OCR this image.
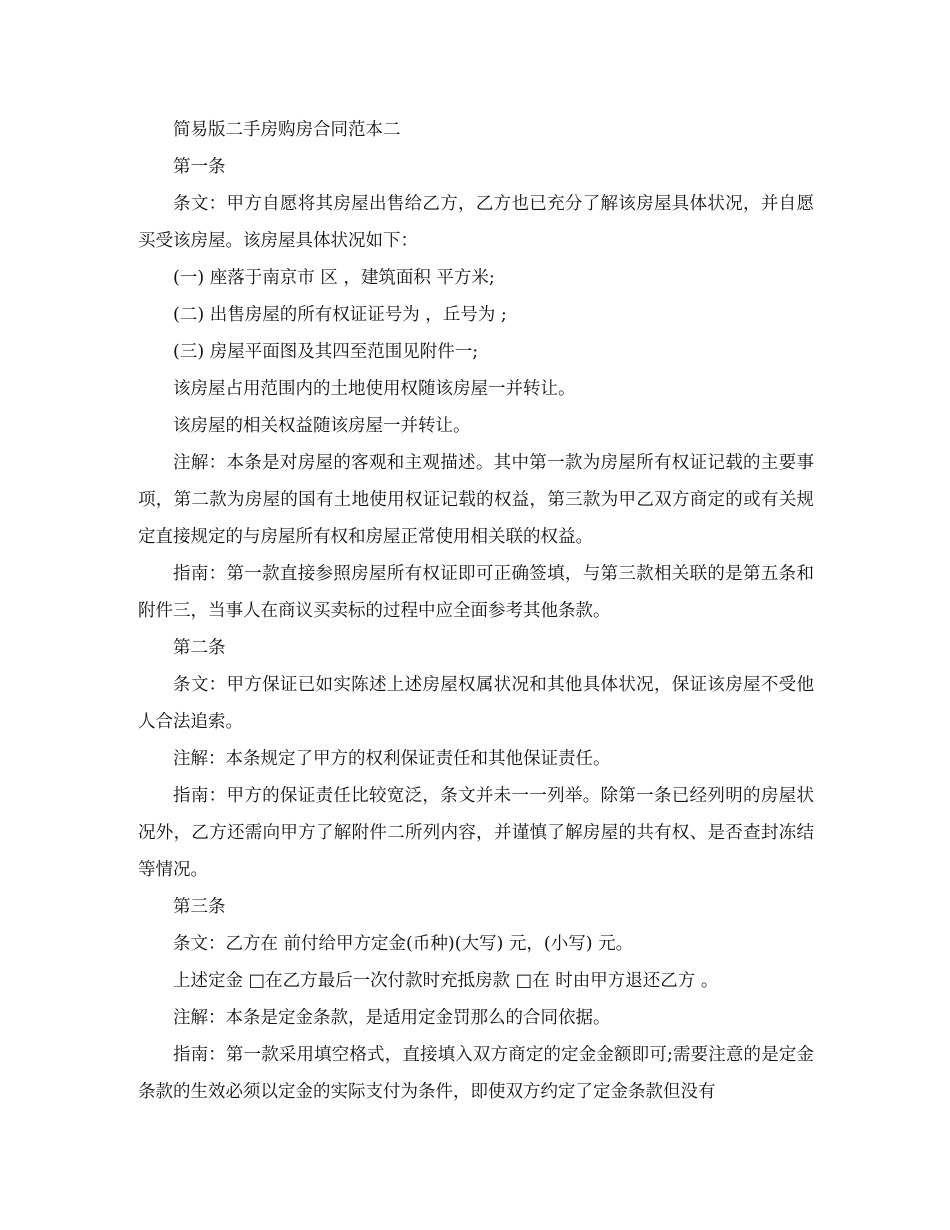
简易版二手房购房合同范本二

第一条

条文：甲方自愿将其房屋出售给乙方，乙方也已充分了解该房屋具体状况，并自愿买受该房屋。该房屋具体状况如下：

(一) 座落于南京市 区 ，建筑面积 平方米;

(二) 出售房屋的所有权证证号为 ，丘号为 ;

(三) 房屋平面图及其四至范围见附件一;

该房屋占用范围内的土地使用权随该房屋一并转让。

该房屋的相关权益随该房屋一并转让。

注解：本条是对房屋的客观和主观描述。其中第一款为房屋所有权证记载的主要事项，第二款为房屋的国有土地使用权证记载的权益，第三款为甲乙双方商定的或有关规定直接规定的与房屋所有权和房屋正常使用相关联的权益。

指南：第一款直接参照房屋所有权证即可正确签填，与第三款相关联的是第五条和附件三，当事人在商议买卖标的过程中应全面参考其他条款。

第二条

条文：甲方保证已如实陈述上述房屋权属状况和其他具体状况，保证该房屋不受他人合法追索。

注解：本条规定了甲方的权利保证责任和其他保证责任。

指南：甲方的保证责任比较宽泛，条文并未一一列举。除第一条已经列明的房屋状况外，乙方还需向甲方了解附件二所列内容，并谨慎了解房屋的共有权、是否查封冻结等情况。

第三条

条文：乙方在 前付给甲方定金(币种)(大写) 元，(小写) 元。

上述定金 □在乙方最后一次付款时充抵房款 □在 时由甲方退还乙方 。

注解：本条是定金条款，是适用定金罚那么的合同依据。

指南：第一款采用填空格式，直接填入双方商定的定金金额即可;需要注意的是定金条款的生效必须以定金的实际支付为条件，即使双方约定了定金条款但没有
